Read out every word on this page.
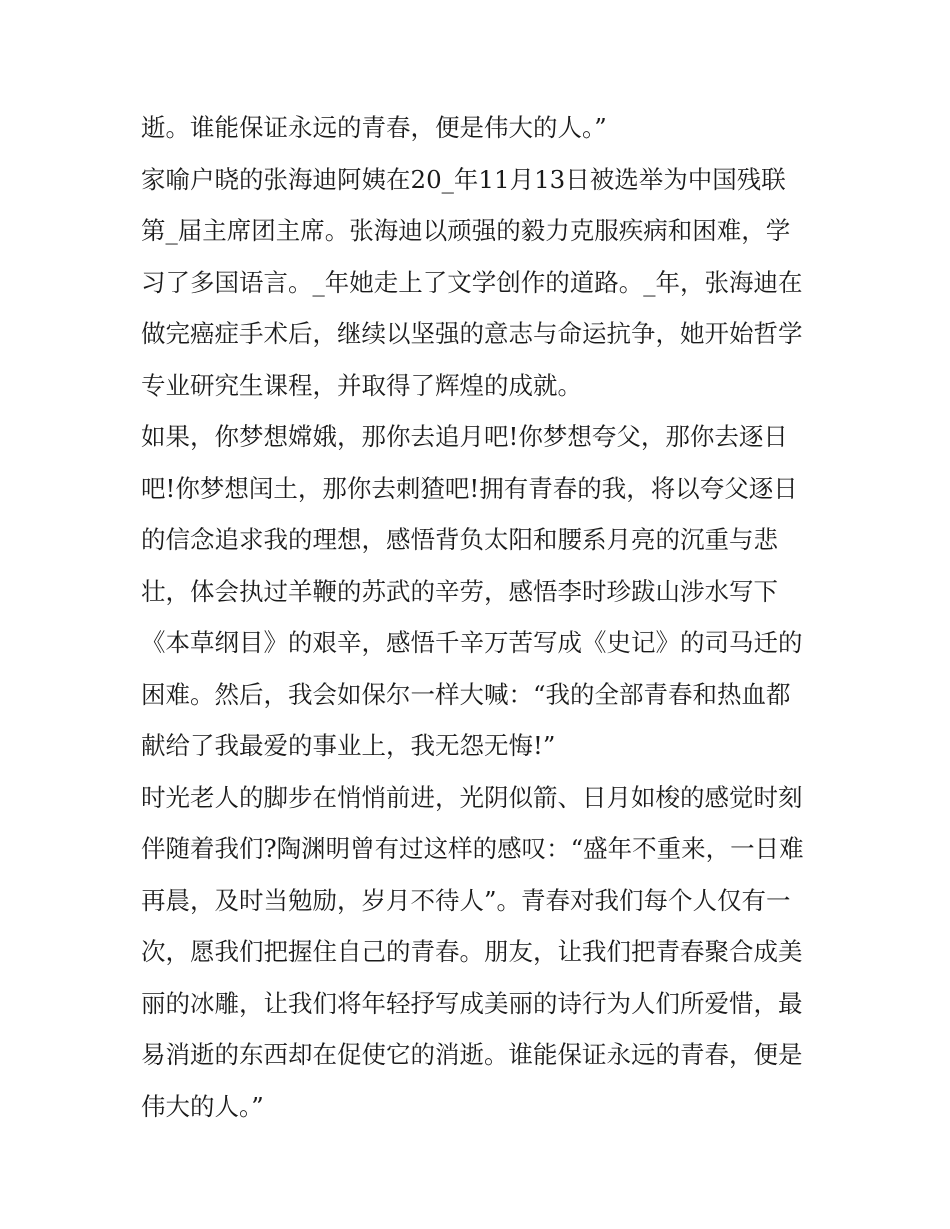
逝。谁能保证永远的青春，便是伟大的人。”
家喻户晓的张海迪阿姨在20_年11月13日被选举为中国残联
第_届主席团主席。张海迪以顽强的毅力克服疾病和困难，学
习了多国语言。_年她走上了文学创作的道路。_年，张海迪在
做完癌症手术后，继续以坚强的意志与命运抗争，她开始哲学
专业研究生课程，并取得了辉煌的成就。
如果，你梦想嫦娥，那你去追月吧!你梦想夸父，那你去逐日
吧!你梦想闰土，那你去刺猹吧!拥有青春的我，将以夸父逐日
的信念追求我的理想，感悟背负太阳和腰系月亮的沉重与悲
壮，体会执过羊鞭的苏武的辛劳，感悟李时珍跋山涉水写下
《本草纲目》的艰辛，感悟千辛万苦写成《史记》的司马迁的
困难。然后，我会如保尔一样大喊：“我的全部青春和热血都
献给了我最爱的事业上，我无怨无悔!”
时光老人的脚步在悄悄前进，光阴似箭、日月如梭的感觉时刻
伴随着我们?陶渊明曾有过这样的感叹：“盛年不重来，一日难
再晨，及时当勉励，岁月不待人”。青春对我们每个人仅有一
次，愿我们把握住自己的青春。朋友，让我们把青春聚合成美
丽的冰雕，让我们将年轻抒写成美丽的诗行为人们所爱惜，最
易消逝的东西却在促使它的消逝。谁能保证永远的青春，便是
伟大的人。”
